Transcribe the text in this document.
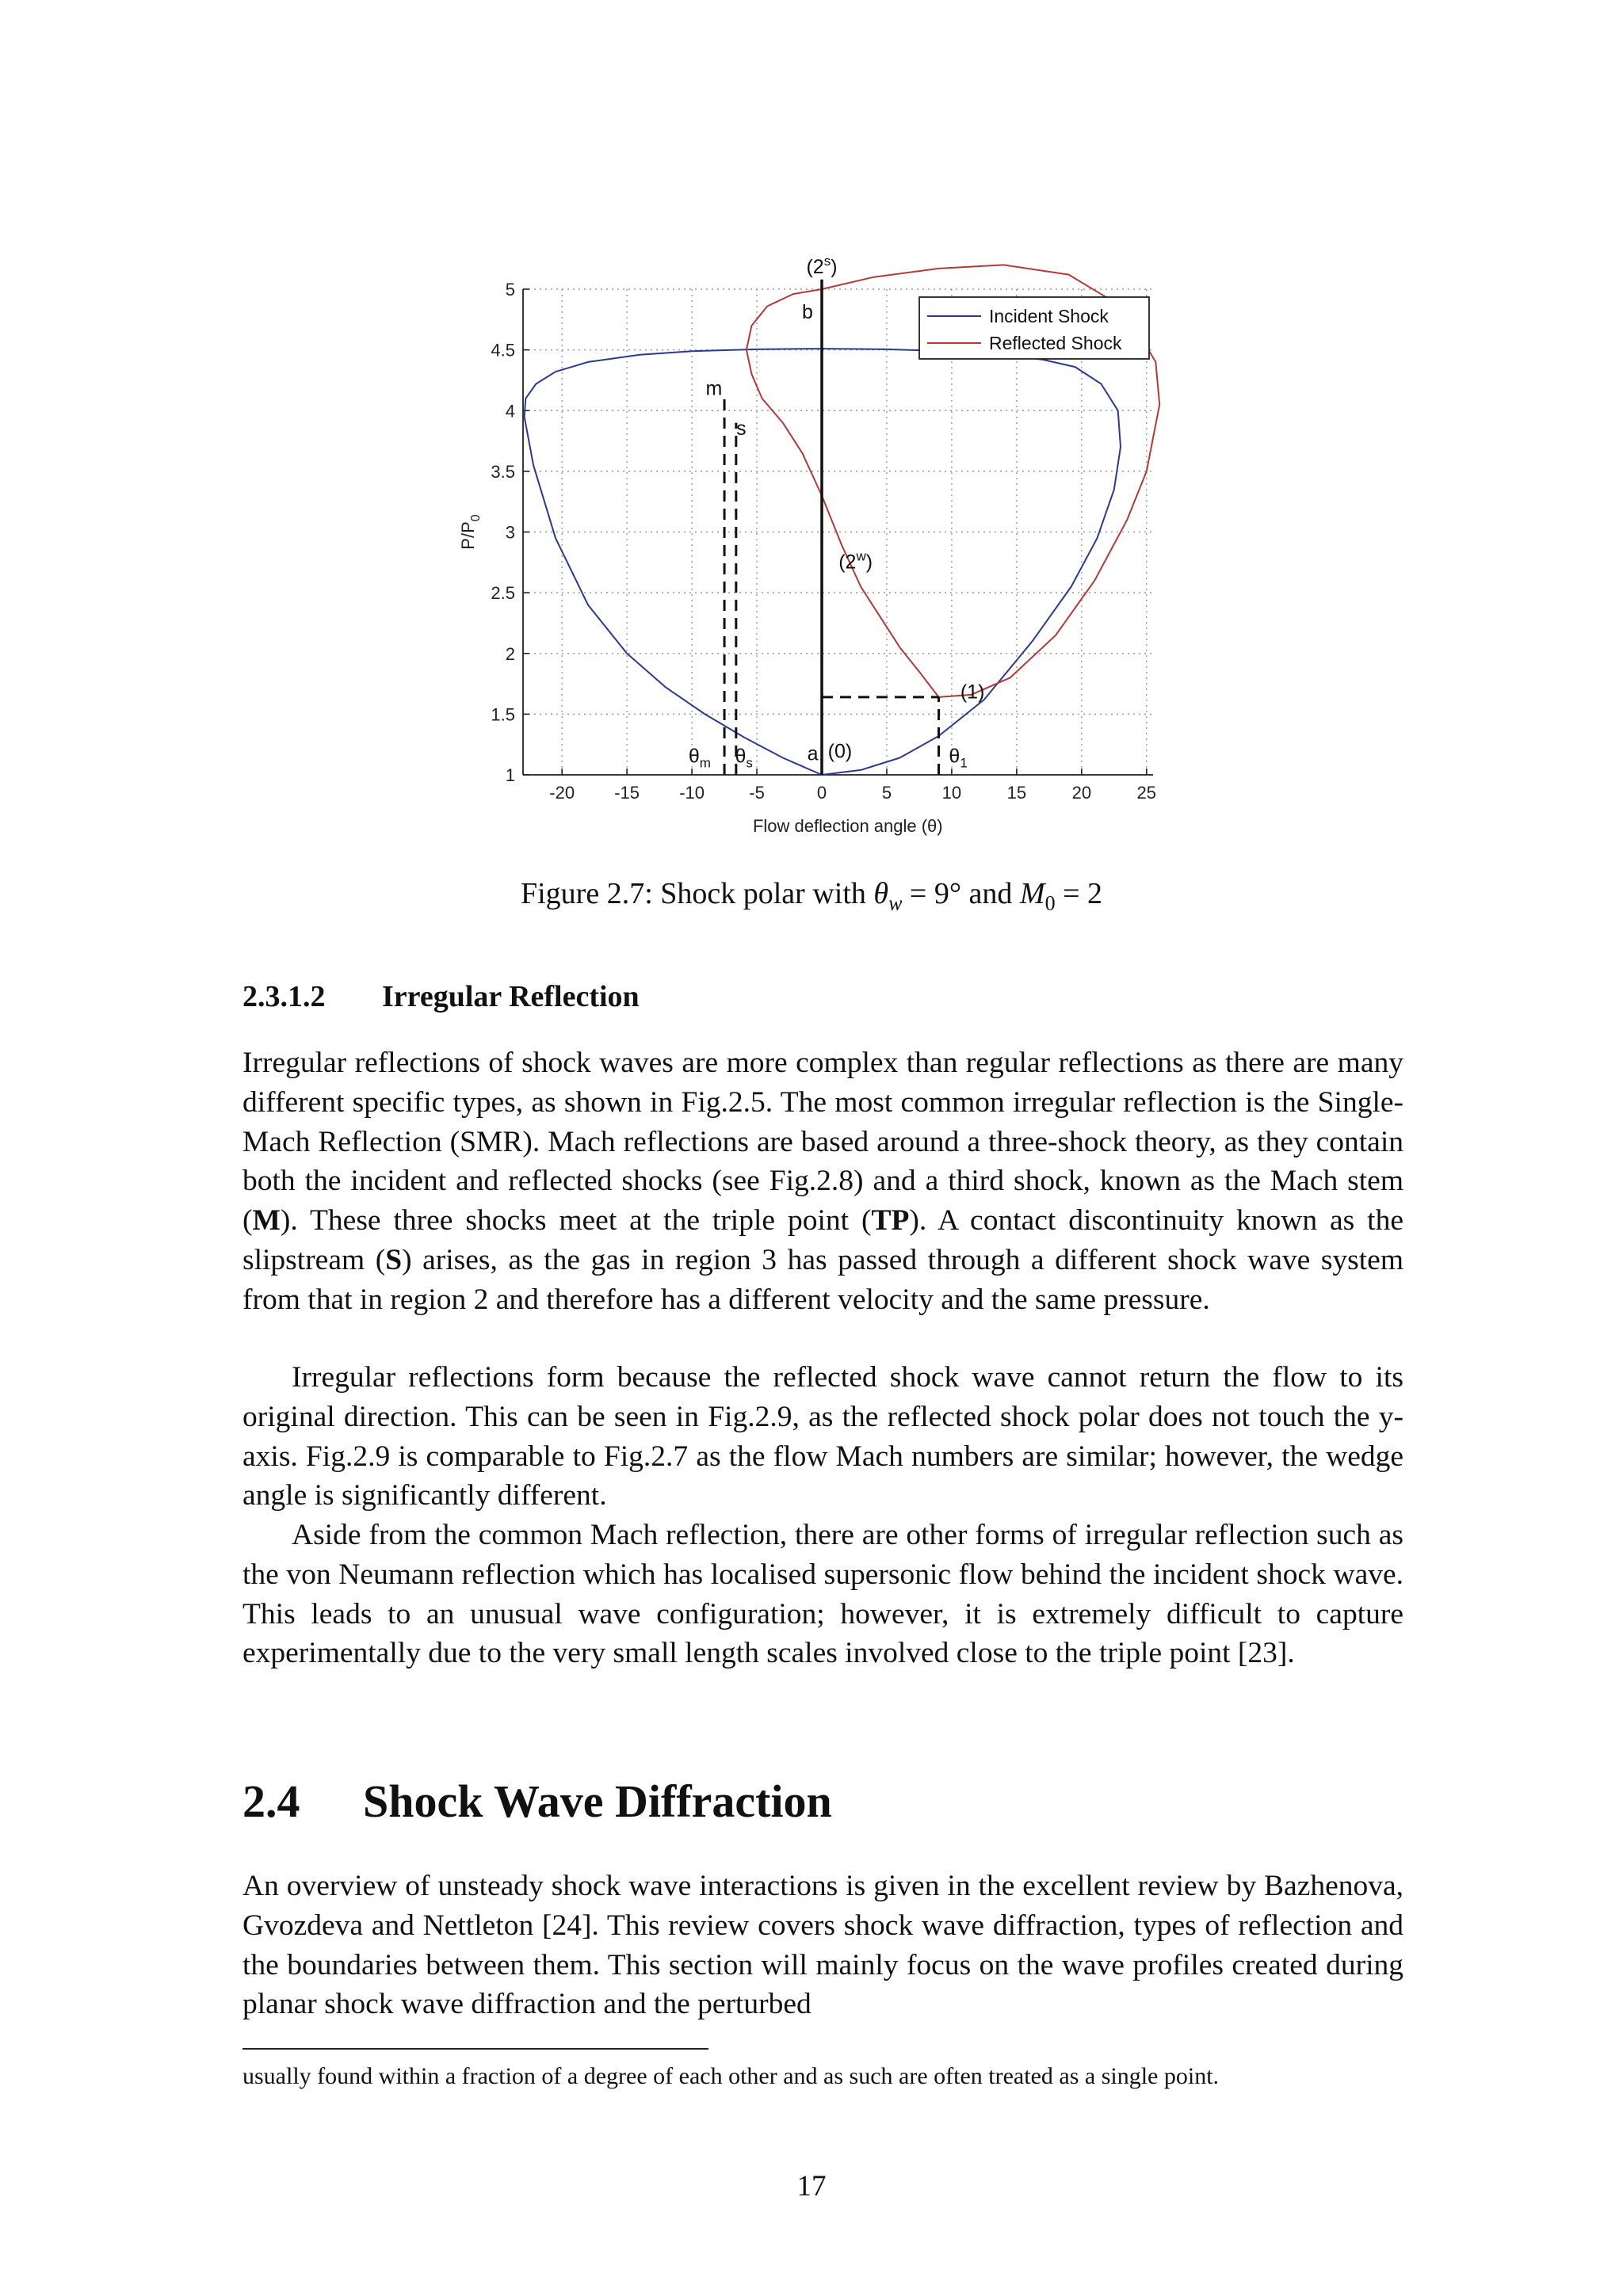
-20 -15 -10	-5	0	5	10	15	20	25
1
1.5
2
2.5
3
3.5
4
4.5
5
Flow deflection angle (θ)
$P/P_0$
(2$^s$)
b
m
s
(2$^w$)
(1)
$\theta_m$ $\theta_s$	a (0)	$\theta_1$
Incident Shock
Reflected Shock
Figure 2.7: Shock polar with $\theta_w = 9^\circ$ and $M_0 = 2$
2.3.1.2 Irregular Reflection

Irregular reflections of shock waves are more complex than regular reflections as there are many different specific types, as shown in Fig.2.5. The most common irregular reflection is the Single-Mach Reflection (SMR). Mach reflections are based around a three-shock theory, as they contain both the incident and reflected shocks (see Fig.2.8) and a third shock, known as the Mach stem (M). These three shocks meet at the triple point (TP). A contact discontinuity known as the slipstream (S) arises, as the gas in region 3 has passed through a different shock wave system from that in region 2 and therefore has a different velocity and the same pressure.

Irregular reflections form because the reflected shock wave cannot return the flow to its original direction. This can be seen in Fig.2.9, as the reflected shock polar does not touch the y-axis. Fig.2.9 is comparable to Fig.2.7 as the flow Mach numbers are similar; however, the wedge angle is significantly different.

Aside from the common Mach reflection, there are other forms of irregular reflection such as the von Neumann reflection which has localised supersonic flow behind the incident shock wave. This leads to an unusual wave configuration; however, it is extremely difficult to capture experimentally due to the very small length scales involved close to the triple point [23].

2.4 Shock Wave Diffraction

An overview of unsteady shock wave interactions is given in the excellent review by Bazhenova, Gvozdeva and Nettleton [24]. This review covers shock wave diffraction, types of reflection and the boundaries between them. This section will mainly focus on the wave profiles created during planar shock wave diffraction and the perturbed

usually found within a fraction of a degree of each other and as such are often treated as a single point.
17
